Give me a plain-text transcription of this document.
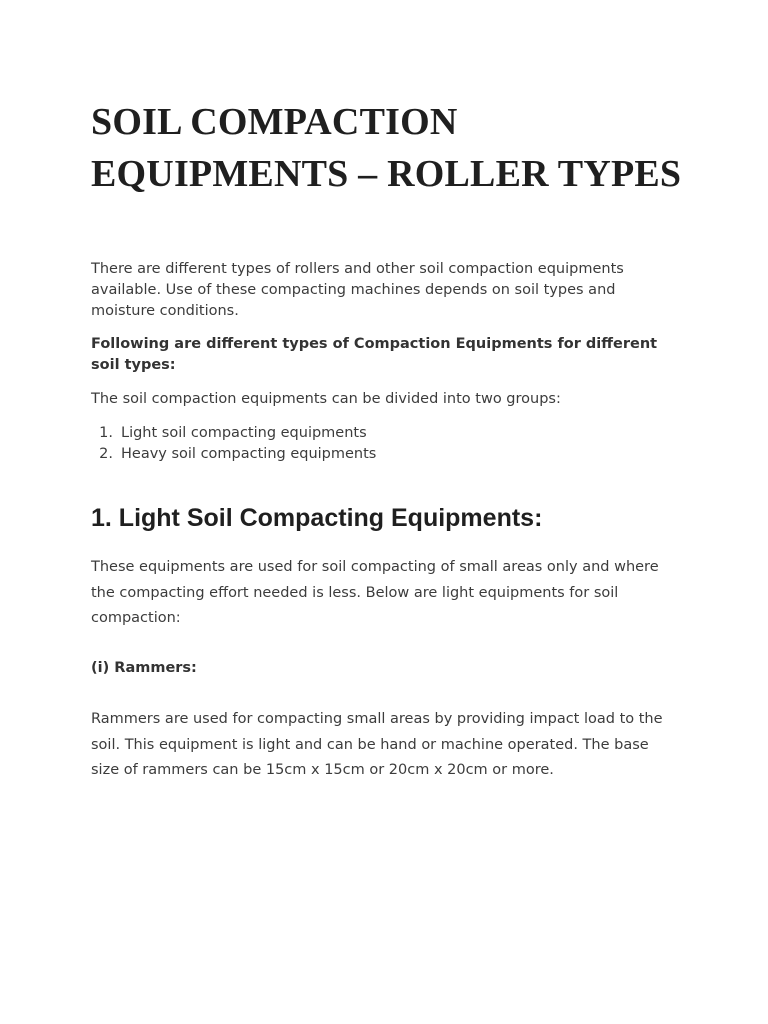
SOIL COMPACTION
EQUIPMENTS – ROLLER TYPES

There are different types of rollers and other soil compaction equipments
available. Use of these compacting machines depends on soil types and
moisture conditions.

Following are different types of Compaction Equipments for different
soil types:

The soil compaction equipments can be divided into two groups:

1. Light soil compacting equipments
2. Heavy soil compacting equipments
1. Light Soil Compacting Equipments:

These equipments are used for soil compacting of small areas only and where
the compacting effort needed is less. Below are light equipments for soil
compaction:

(i) Rammers:

Rammers are used for compacting small areas by providing impact load to the
soil. This equipment is light and can be hand or machine operated. The base
size of rammers can be 15cm x 15cm or 20cm x 20cm or more.
